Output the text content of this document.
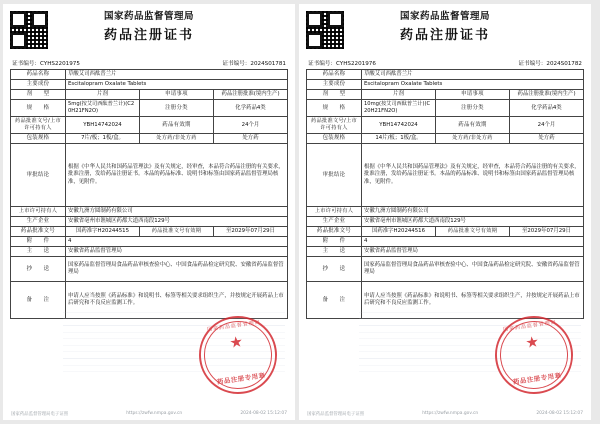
国家药品监督管理局
药品注册证书
证书编号：CYHS2201975	证书编号：2024S01781
药品名称	草酸艾司西酞普兰片		
主要成份	Escitalopram Oxalate Tablets		
剂　　型	片剂	申请事项	药品注册批准(境内生产)
规　　格	5mg(按艾司西酞普兰计)(C20H21FN2O)	注册分类	化学药品4类
药品批准文号/上市许可持有人	YBH14742024	药品有效期	24个月
包装规格	7片/板；1板/盒。	处方药/非处方药	处方药
审批结论	根据《中华人民共和国药品管理法》及有关规定，经审查，本品符合药品注册的有关要求，批准注册，发给药品注册证书。本品的药品标准、说明书和标签由国家药品监督管理局核准，见附件。		
上市许可持有人	安徽九洲方圆制药有限公司		
生产企业	安徽省亳州市谯城区药都大道西南段129号		
药品批准文号	国药准字H20244515	药品批准文号有效期	至2029年07月29日
附　　件	4		
主　　送	安徽省药品监督管理局		
抄　　送	国家药品监督管理局食品药品审核查验中心、中国食品药品检定研究院、安徽省药品监督管理局		
备　　注	申请人应当按照《药品标准》和说明书、标签等相关要求组织生产，并按规定开展药品上市后研究和不良反应监测工作。		
国家药品监督管理局
★
药品注册专用章
国家药品监督管理局电子证照	https://zwfw.nmpa.gov.cn	2024-08-02 15:12:07
国家药品监督管理局
药品注册证书
证书编号：CYHS2201976	证书编号：2024S01782
药品名称	草酸艾司西酞普兰片		
主要成份	Escitalopram Oxalate Tablets		
剂　　型	片剂	申请事项	药品注册批准(境内生产)
规　　格	10mg(按艾司西酞普兰计)(C20H21FN2O)	注册分类	化学药品4类
药品批准文号/上市许可持有人	YBH14742024	药品有效期	24个月
包装规格	14片/板；1板/盒。	处方药/非处方药	处方药
审批结论	根据《中华人民共和国药品管理法》及有关规定，经审查，本品符合药品注册的有关要求，批准注册，发给药品注册证书。本品的药品标准、说明书和标签由国家药品监督管理局核准，见附件。		
上市许可持有人	安徽九洲方圆制药有限公司		
生产企业	安徽省亳州市谯城区药都大道西南段129号		
药品批准文号	国药准字H20244516	药品批准文号有效期	至2029年07月29日
附　　件	4		
主　　送	安徽省药品监督管理局		
抄　　送	国家药品监督管理局食品药品审核查验中心、中国食品药品检定研究院、安徽省药品监督管理局		
备　　注	申请人应当按照《药品标准》和说明书、标签等相关要求组织生产，并按规定开展药品上市后研究和不良反应监测工作。		
国家药品监督管理局
★
药品注册专用章
国家药品监督管理局电子证照	https://zwfw.nmpa.gov.cn	2024-08-02 15:12:07
